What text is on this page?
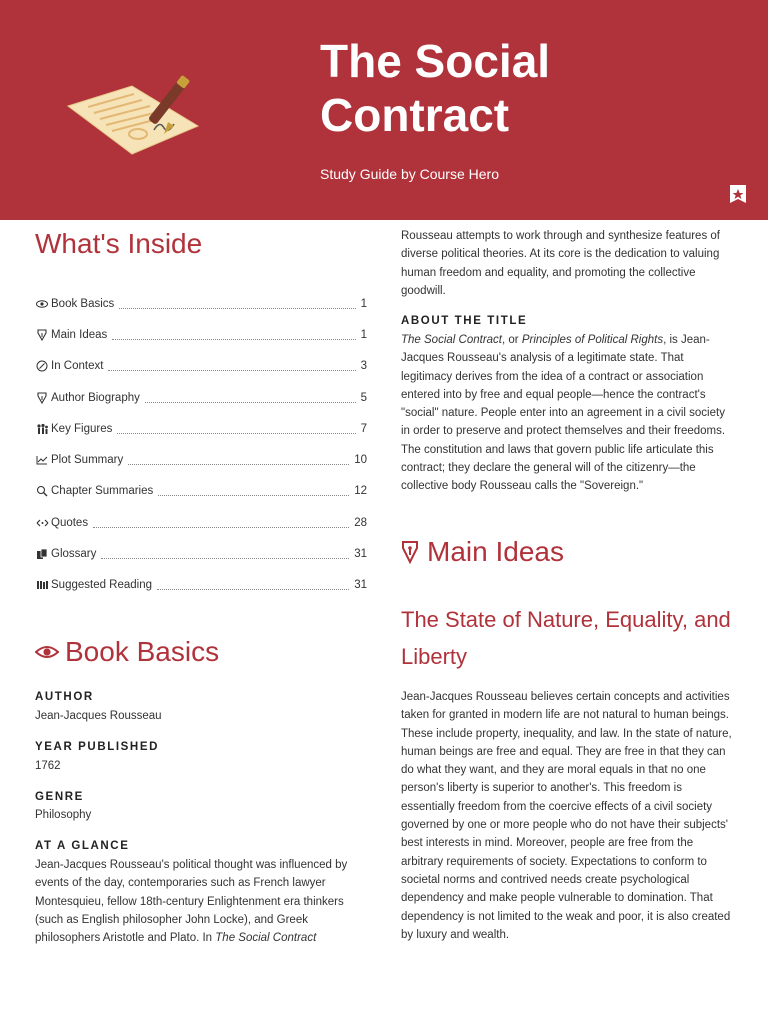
The Social Contract
Study Guide by Course Hero
What's Inside
Book Basics	1
Main Ideas	1
In Context	3
Author Biography	5
Key Figures	7
Plot Summary	10
Chapter Summaries	12
Quotes	28
Glossary	31
Suggested Reading	31
Book Basics
AUTHOR
Jean-Jacques Rousseau
YEAR PUBLISHED
1762
GENRE
Philosophy
AT A GLANCE
Jean-Jacques Rousseau's political thought was influenced by events of the day, contemporaries such as French lawyer Montesquieu, fellow 18th-century Enlightenment era thinkers (such as English philosopher John Locke), and Greek philosophers Aristotle and Plato. In The Social Contract
Rousseau attempts to work through and synthesize features of diverse political theories. At its core is the dedication to valuing human freedom and equality, and promoting the collective goodwill.
ABOUT THE TITLE
The Social Contract, or Principles of Political Rights, is Jean-Jacques Rousseau's analysis of a legitimate state. That legitimacy derives from the idea of a contract or association entered into by free and equal people—hence the contract's "social" nature. People enter into an agreement in a civil society in order to preserve and protect themselves and their freedoms. The constitution and laws that govern public life articulate this contract; they declare the general will of the citizenry—the collective body Rousseau calls the "Sovereign."
Main Ideas
The State of Nature, Equality, and Liberty
Jean-Jacques Rousseau believes certain concepts and activities taken for granted in modern life are not natural to human beings. These include property, inequality, and law. In the state of nature, human beings are free and equal. They are free in that they can do what they want, and they are moral equals in that no one person's liberty is superior to another's. This freedom is essentially freedom from the coercive effects of a civil society governed by one or more people who do not have their subjects' best interests in mind. Moreover, people are free from the arbitrary requirements of society. Expectations to conform to societal norms and contrived needs create psychological dependency and make people vulnerable to domination. That dependency is not limited to the weak and poor, it is also created by luxury and wealth.
